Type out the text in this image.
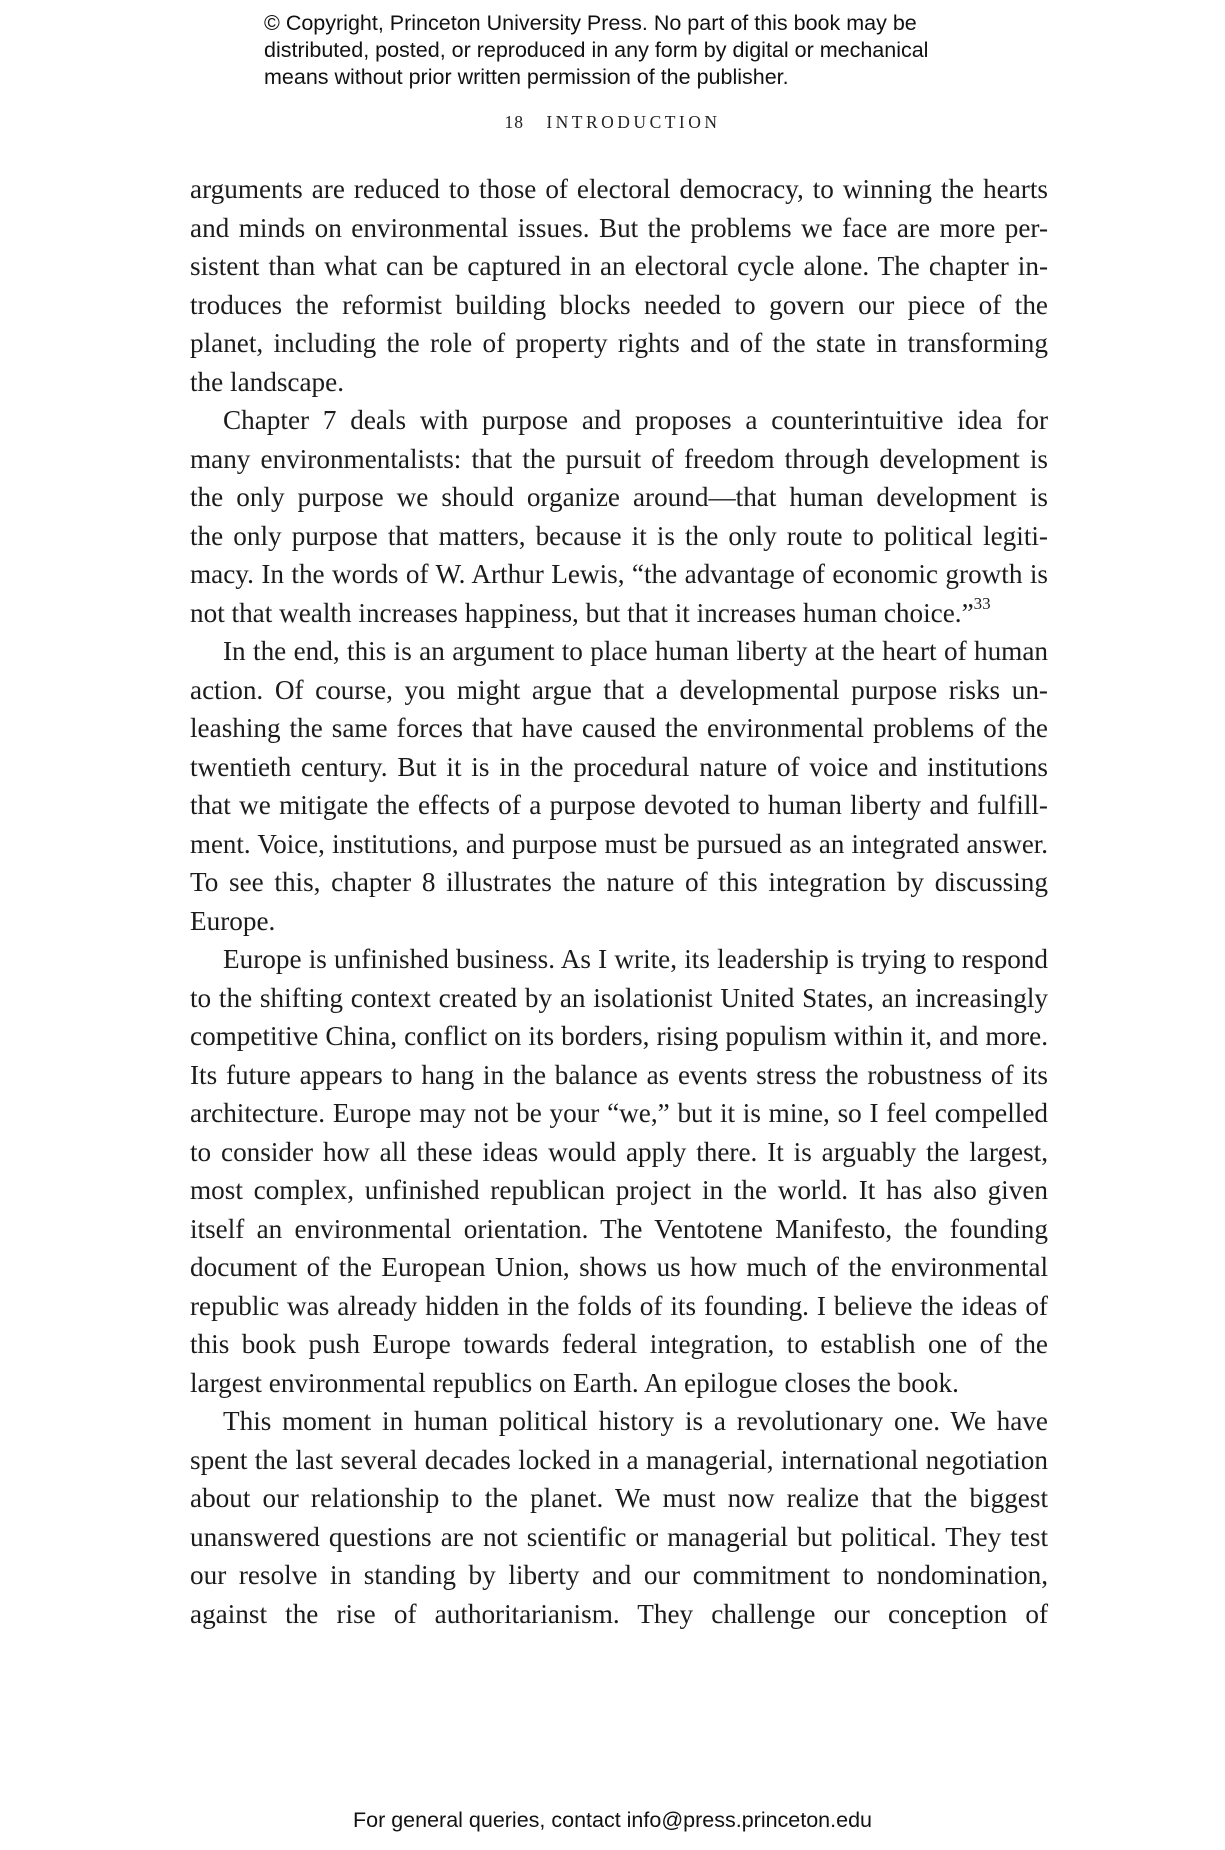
© Copyright, Princeton University Press. No part of this book may be
distributed, posted, or reproduced in any form by digital or mechanical
means without prior written permission of the publisher.
18 INTRODUCTION
arguments are reduced to those of electoral democracy, to winning the hearts
and minds on environmental issues. But the problems we face are more per-
sistent than what can be captured in an electoral cycle alone. The chapter in-
troduces the reformist building blocks needed to govern our piece of the
planet, including the role of property rights and of the state in transforming
the landscape.
Chapter 7 deals with purpose and proposes a counterintuitive idea for
many environmentalists: that the pursuit of freedom through development is
the only purpose we should organize around—that human development is
the only purpose that matters, because it is the only route to political legiti-
macy. In the words of W. Arthur Lewis, “the advantage of economic growth is
not that wealth increases happiness, but that it increases human choice.”$^{33}$
In the end, this is an argument to place human liberty at the heart of human
action. Of course, you might argue that a developmental purpose risks un-
leashing the same forces that have caused the environmental problems of the
twentieth century. But it is in the procedural nature of voice and institutions
that we mitigate the effects of a purpose devoted to human liberty and fulfill-
ment. Voice, institutions, and purpose must be pursued as an integrated answer.
To see this, chapter 8 illustrates the nature of this integration by discussing
Europe.
Europe is unfinished business. As I write, its leadership is trying to respond
to the shifting context created by an isolationist United States, an increasingly
competitive China, conflict on its borders, rising populism within it, and more.
Its future appears to hang in the balance as events stress the robustness of its
architecture. Europe may not be your “we,” but it is mine, so I feel compelled
to consider how all these ideas would apply there. It is arguably the largest,
most complex, unfinished republican project in the world. It has also given
itself an environmental orientation. The Ventotene Manifesto, the founding
document of the European Union, shows us how much of the environmental
republic was already hidden in the folds of its founding. I believe the ideas of
this book push Europe towards federal integration, to establish one of the
largest environmental republics on Earth. An epilogue closes the book.
This moment in human political history is a revolutionary one. We have
spent the last several decades locked in a managerial, international negotiation
about our relationship to the planet. We must now realize that the biggest
unanswered questions are not scientific or managerial but political. They test
our resolve in standing by liberty and our commitment to nondomination,
against the rise of authoritarianism. They challenge our conception of
For general queries, contact info@press.princeton.edu
